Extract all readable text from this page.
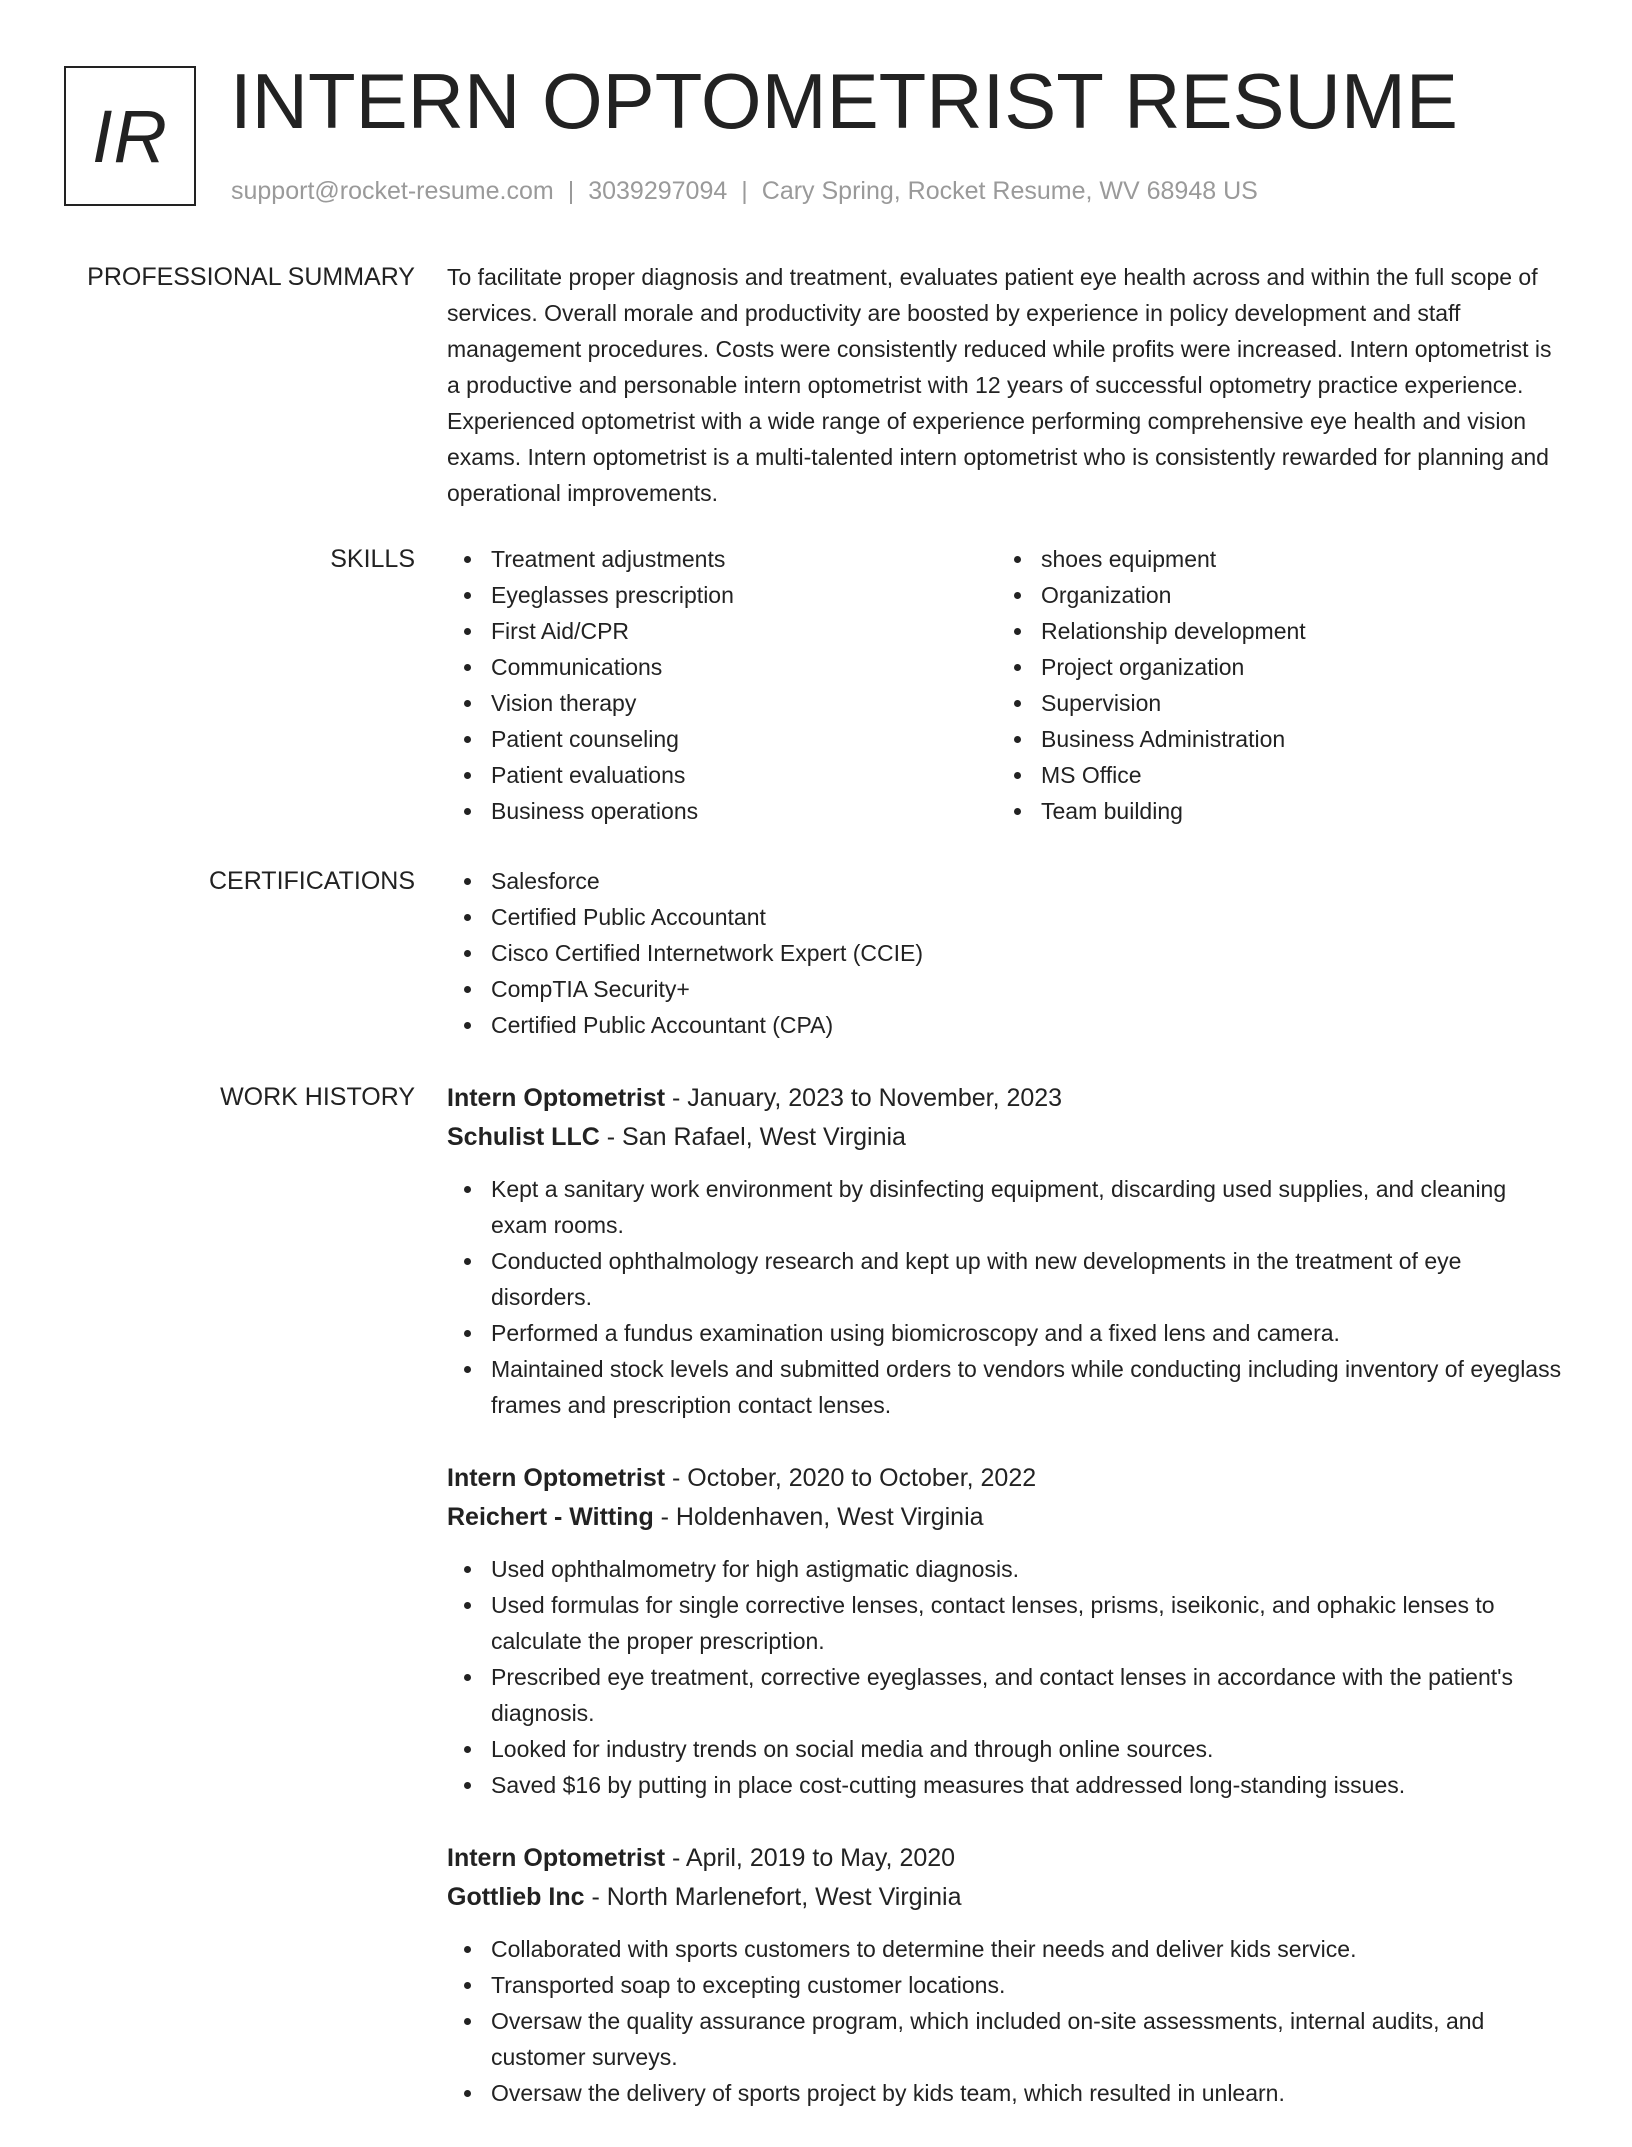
IR INTERN OPTOMETRIST RESUME
support@rocket-resume.com | 3039297094 | Cary Spring, Rocket Resume, WV 68948 US
PROFESSIONAL SUMMARY To facilitate proper diagnosis and treatment, evaluates patient eye health across and within the full scope of services. Overall morale and productivity are boosted by experience in policy development and staff management procedures. Costs were consistently reduced while profits were increased. Intern optometrist is a productive and personable intern optometrist with 12 years of successful optometry practice experience. Experienced optometrist with a wide range of experience performing comprehensive eye health and vision exams. Intern optometrist is a multi-talented intern optometrist who is consistently rewarded for planning and operational improvements.

SKILLS	Treatment adjustments
Eyeglasses prescription
First Aid/CPR
Communications
Vision therapy
Patient counseling
Patient evaluations
Business operations
shoes equipment
Organization
Relationship development
Project organization
Supervision
Business Administration
MS Office
Team building
CERTIFICATIONS	Salesforce
Certified Public Accountant
Cisco Certified Internetwork Expert (CCIE)
CompTIA Security+
Certified Public Accountant (CPA)
WORK HISTORY Intern Optometrist - January, 2023 to November, 2023
Schulist LLC - San Rafael, West Virginia
Kept a sanitary work environment by disinfecting equipment, discarding used supplies, and cleaning exam rooms.
Conducted ophthalmology research and kept up with new developments in the treatment of eye disorders.
Performed a fundus examination using biomicroscopy and a fixed lens and camera.
Maintained stock levels and submitted orders to vendors while conducting including inventory of eyeglass frames and prescription contact lenses.
Intern Optometrist - October, 2020 to October, 2022
Reichert - Witting - Holdenhaven, West Virginia
Used ophthalmometry for high astigmatic diagnosis.
Used formulas for single corrective lenses, contact lenses, prisms, iseikonic, and ophakic lenses to calculate the proper prescription.
Prescribed eye treatment, corrective eyeglasses, and contact lenses in accordance with the patient's diagnosis.
Looked for industry trends on social media and through online sources.
Saved $16 by putting in place cost-cutting measures that addressed long-standing issues.
Intern Optometrist - April, 2019 to May, 2020
Gottlieb Inc - North Marlenefort, West Virginia
Collaborated with sports customers to determine their needs and deliver kids service.
Transported soap to excepting customer locations.
Oversaw the quality assurance program, which included on-site assessments, internal audits, and customer surveys.
Oversaw the delivery of sports project by kids team, which resulted in unlearn.
